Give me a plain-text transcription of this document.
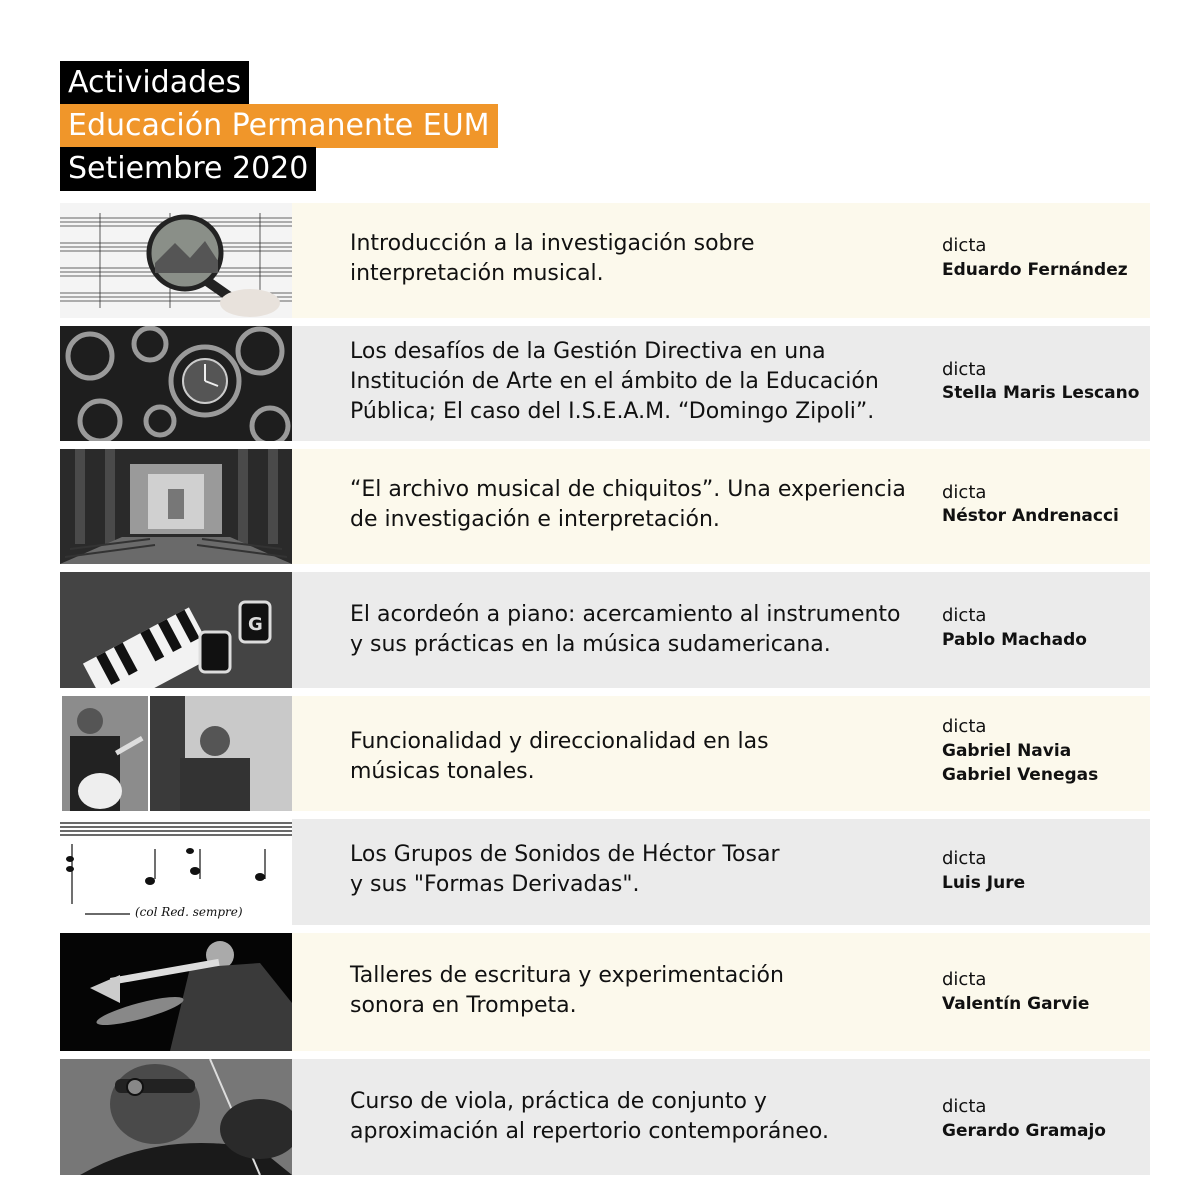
Actividades
Educación Permanente EUM
Setiembre 2020
G
(col Red. sempre)
Introducción a la investigación sobre
interpretación musical.
Los desafíos de la Gestión Directiva en una
Institución de Arte en el ámbito de la Educación
Pública; El caso del I.S.E.A.M. “Domingo Zipoli”.
“El archivo musical de chiquitos”. Una experiencia
de investigación e interpretación.
El acordeón a piano: acercamiento al instrumento
y sus prácticas en la música sudamericana.
Funcionalidad y direccionalidad en las
músicas tonales.
Los Grupos de Sonidos de Héctor Tosar
y sus "Formas Derivadas".
Talleres de escritura y experimentación
sonora en Trompeta.
Curso de viola, práctica de conjunto y
aproximación al repertorio contemporáneo.
dicta
dicta
dicta
dicta
dicta
dicta
dicta
dicta
Eduardo Fernández
Stella Maris Lescano
Néstor Andrenacci
Pablo Machado
Gabriel Navia
Gabriel Venegas
Luis Jure
Valentín Garvie
Gerardo Gramajo
